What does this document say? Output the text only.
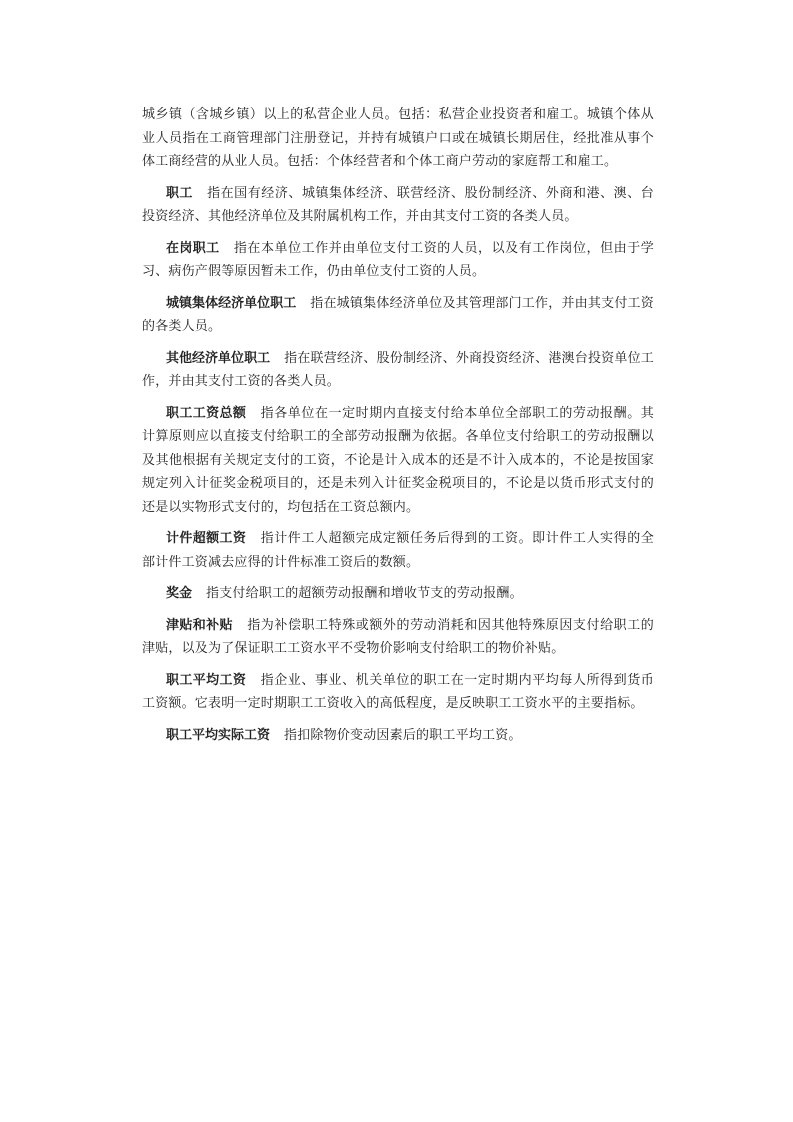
城乡镇（含城乡镇）以上的私营企业人员。包括：私营企业投资者和雇工。城镇个体从业人员指在工商管理部门注册登记，并持有城镇户口或在城镇长期居住，经批准从事个体工商经营的从业人员。包括：个体经营者和个体工商户劳动的家庭帮工和雇工。

职工 指在国有经济、城镇集体经济、联营经济、股份制经济、外商和港、澳、台投资经济、其他经济单位及其附属机构工作，并由其支付工资的各类人员。

在岗职工 指在本单位工作并由单位支付工资的人员，以及有工作岗位，但由于学习、病伤产假等原因暂未工作，仍由单位支付工资的人员。

城镇集体经济单位职工 指在城镇集体经济单位及其管理部门工作，并由其支付工资的各类人员。

其他经济单位职工 指在联营经济、股份制经济、外商投资经济、港澳台投资单位工作，并由其支付工资的各类人员。

职工工资总额 指各单位在一定时期内直接支付给本单位全部职工的劳动报酬。其计算原则应以直接支付给职工的全部劳动报酬为依据。各单位支付给职工的劳动报酬以及其他根据有关规定支付的工资，不论是计入成本的还是不计入成本的，不论是按国家规定列入计征奖金税项目的，还是未列入计征奖金税项目的，不论是以货币形式支付的还是以实物形式支付的，均包括在工资总额内。

计件超额工资 指计件工人超额完成定额任务后得到的工资。即计件工人实得的全部计件工资减去应得的计件标准工资后的数额。

奖金 指支付给职工的超额劳动报酬和增收节支的劳动报酬。

津贴和补贴 指为补偿职工特殊或额外的劳动消耗和因其他特殊原因支付给职工的津贴，以及为了保证职工工资水平不受物价影响支付给职工的物价补贴。

职工平均工资 指企业、事业、机关单位的职工在一定时期内平均每人所得到货币工资额。它表明一定时期职工工资收入的高低程度，是反映职工工资水平的主要指标。

职工平均实际工资 指扣除物价变动因素后的职工平均工资。
